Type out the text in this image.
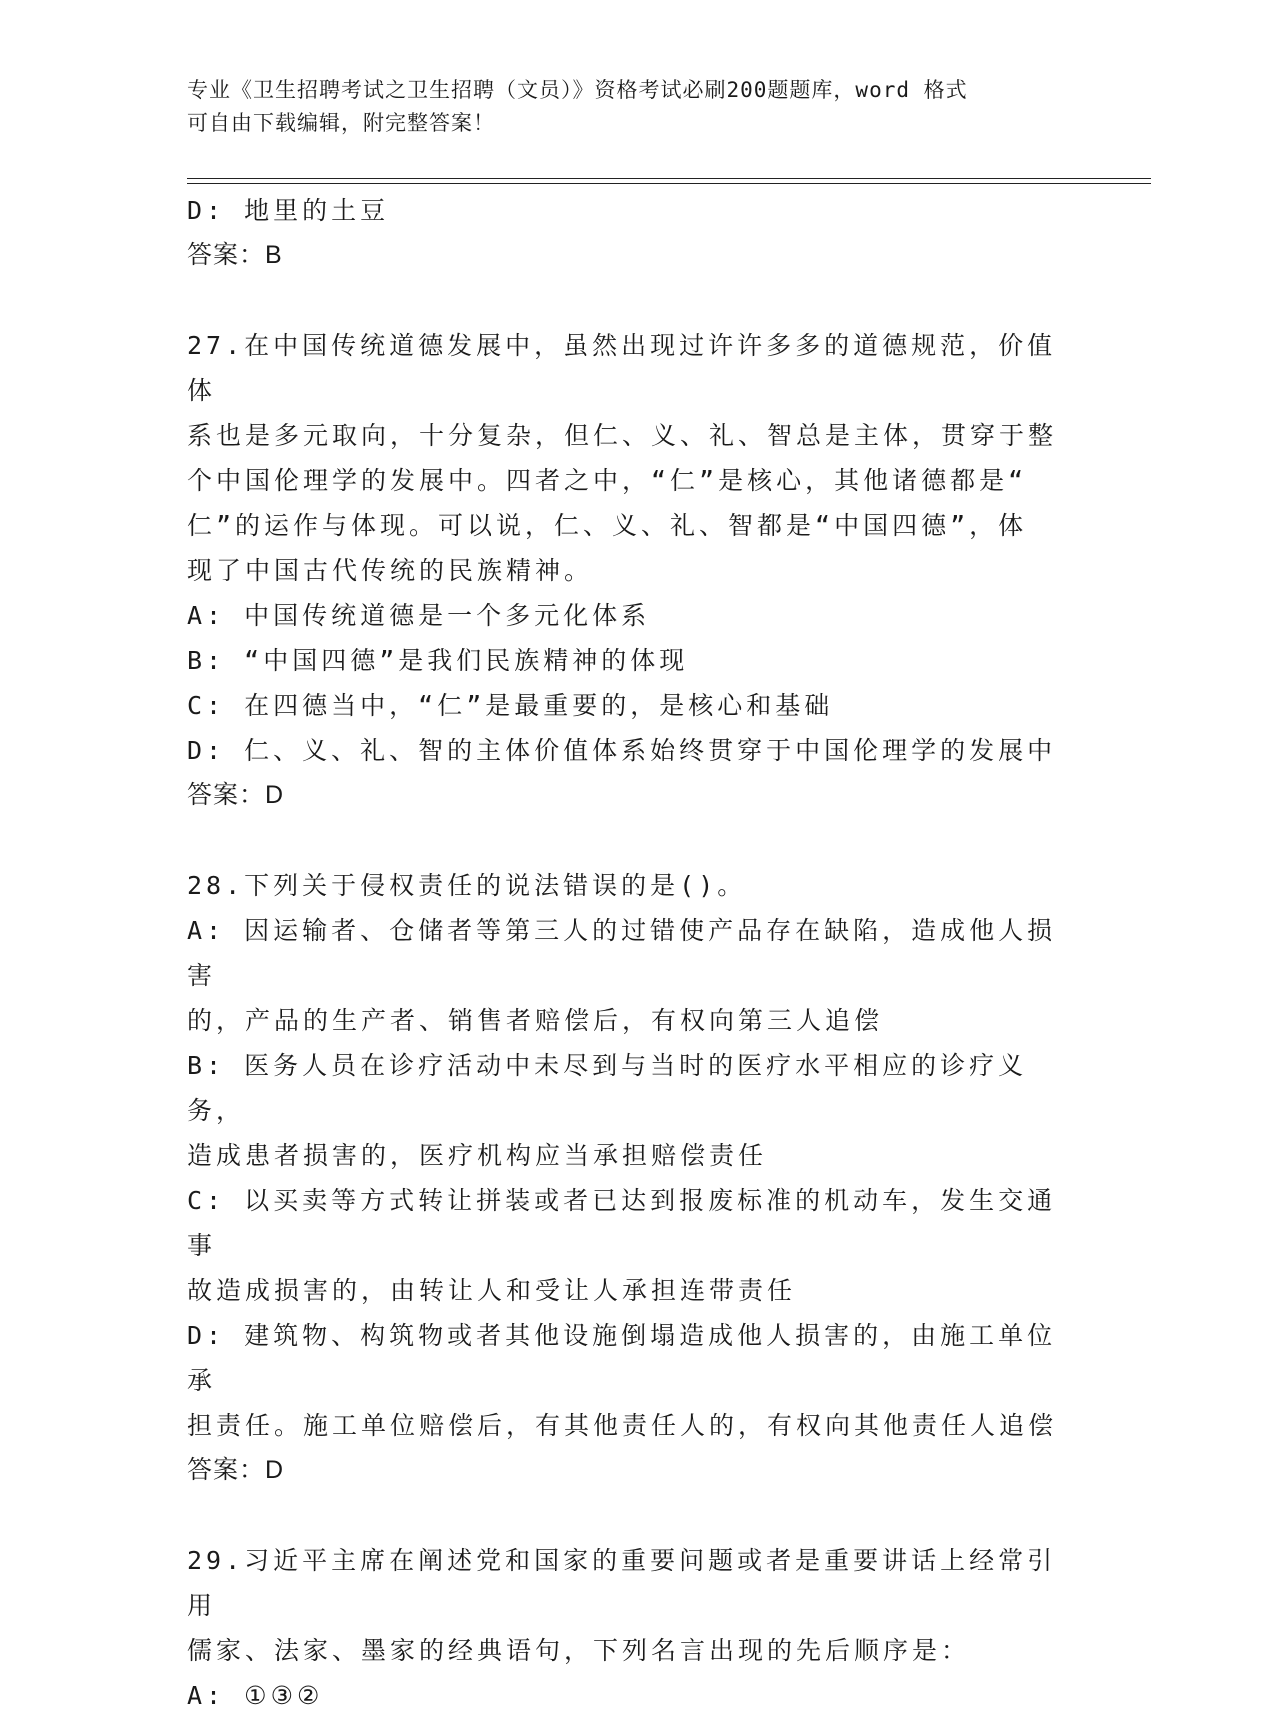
专业《卫生招聘考试之卫生招聘（文员）》资格考试必刷200题题库，word 格式
可自由下载编辑，附完整答案！

D: 地里的土豆

答案：B

27.在中国传统道德发展中，虽然出现过许许多多的道德规范，价值体

系也是多元取向，十分复杂，但仁、义、礼、智总是主体，贯穿于整

个中国伦理学的发展中。四者之中，“仁”是核心，其他诸德都是“

仁”的运作与体现。可以说，仁、义、礼、智都是“中国四德”，体

现了中国古代传统的民族精神。

A: 中国传统道德是一个多元化体系

B: “中国四德”是我们民族精神的体现

C: 在四德当中，“仁”是最重要的，是核心和基础

D: 仁、义、礼、智的主体价值体系始终贯穿于中国伦理学的发展中

答案：D

28.下列关于侵权责任的说法错误的是()。

A: 因运输者、仓储者等第三人的过错使产品存在缺陷，造成他人损害

的，产品的生产者、销售者赔偿后，有权向第三人追偿

B: 医务人员在诊疗活动中未尽到与当时的医疗水平相应的诊疗义务，

造成患者损害的，医疗机构应当承担赔偿责任

C: 以买卖等方式转让拼装或者已达到报废标准的机动车，发生交通事

故造成损害的，由转让人和受让人承担连带责任

D: 建筑物、构筑物或者其他设施倒塌造成他人损害的，由施工单位承

担责任。施工单位赔偿后，有其他责任人的，有权向其他责任人追偿

答案：D

29.习近平主席在阐述党和国家的重要问题或者是重要讲话上经常引用

儒家、法家、墨家的经典语句，下列名言出现的先后顺序是：

A: ①③②
